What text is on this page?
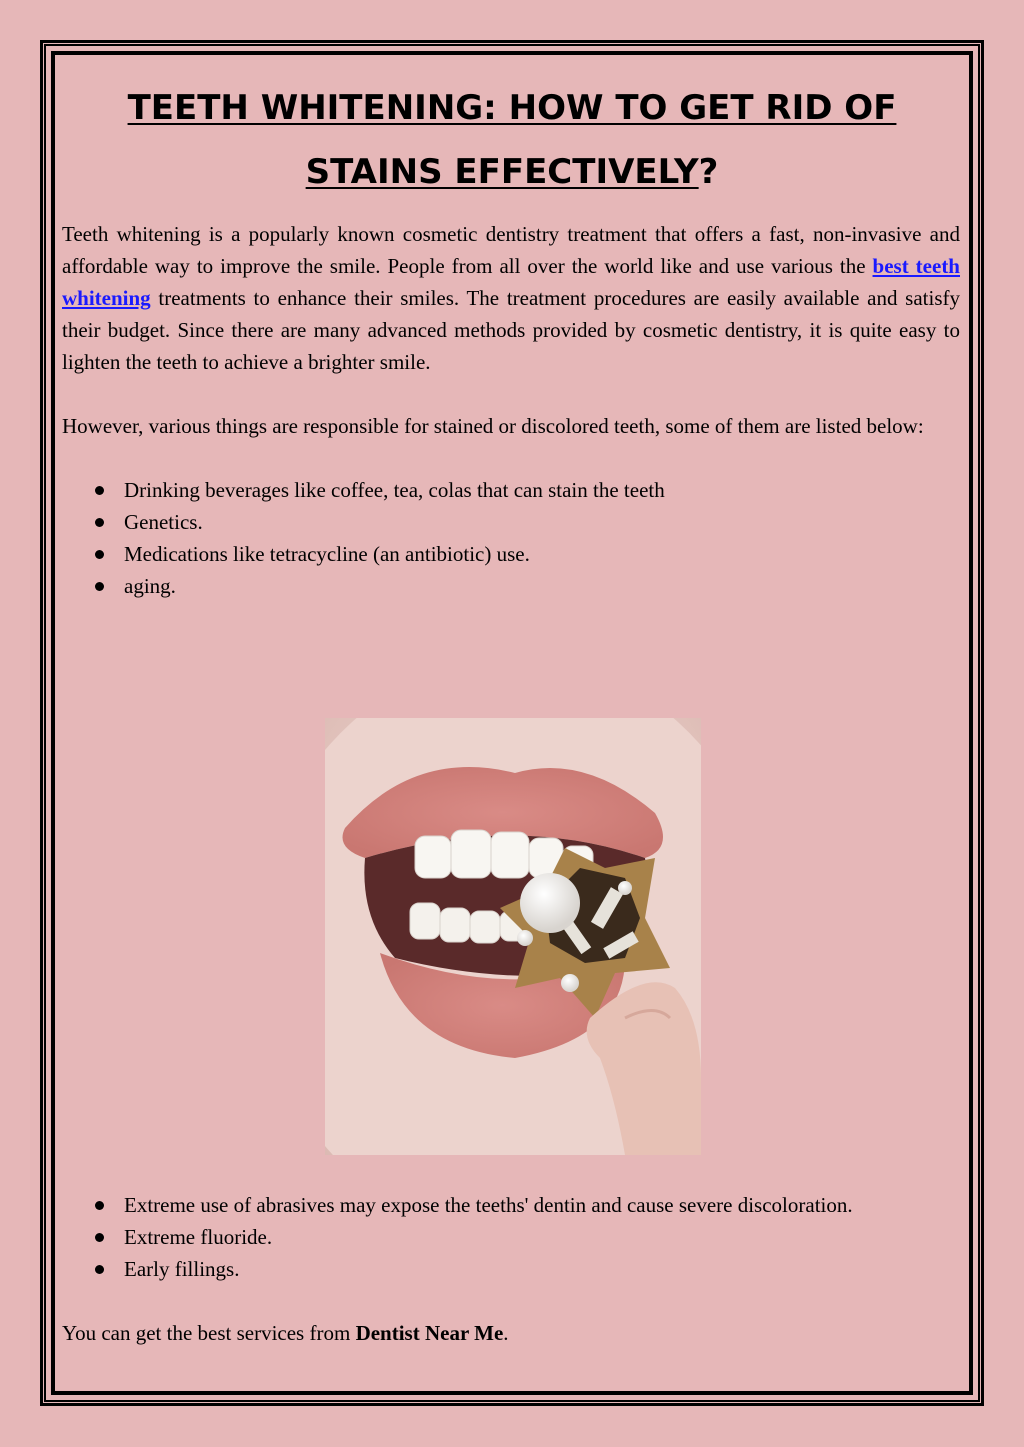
TEETH WHITENING: HOW TO GET RID OF
STAINS EFFECTIVELY?

Teeth whitening is a popularly known cosmetic dentistry treatment that offers a fast, non-invasive and affordable way to improve the smile. People from all over the world like and use various the best teeth whitening treatments to enhance their smiles. The treatment procedures are easily available and satisfy their budget. Since there are many advanced methods provided by cosmetic dentistry, it is quite easy to lighten the teeth to achieve a brighter smile.

However, various things are responsible for stained or discolored teeth, some of them are listed below:

Drinking beverages like coffee, tea, colas that can stain the teeth
Genetics.
Medications like tetracycline (an antibiotic) use.
aging.
Extreme use of abrasives may expose the teeths' dentin and cause severe discoloration.
Extreme fluoride.
Early fillings.

You can get the best services from Dentist Near Me.
